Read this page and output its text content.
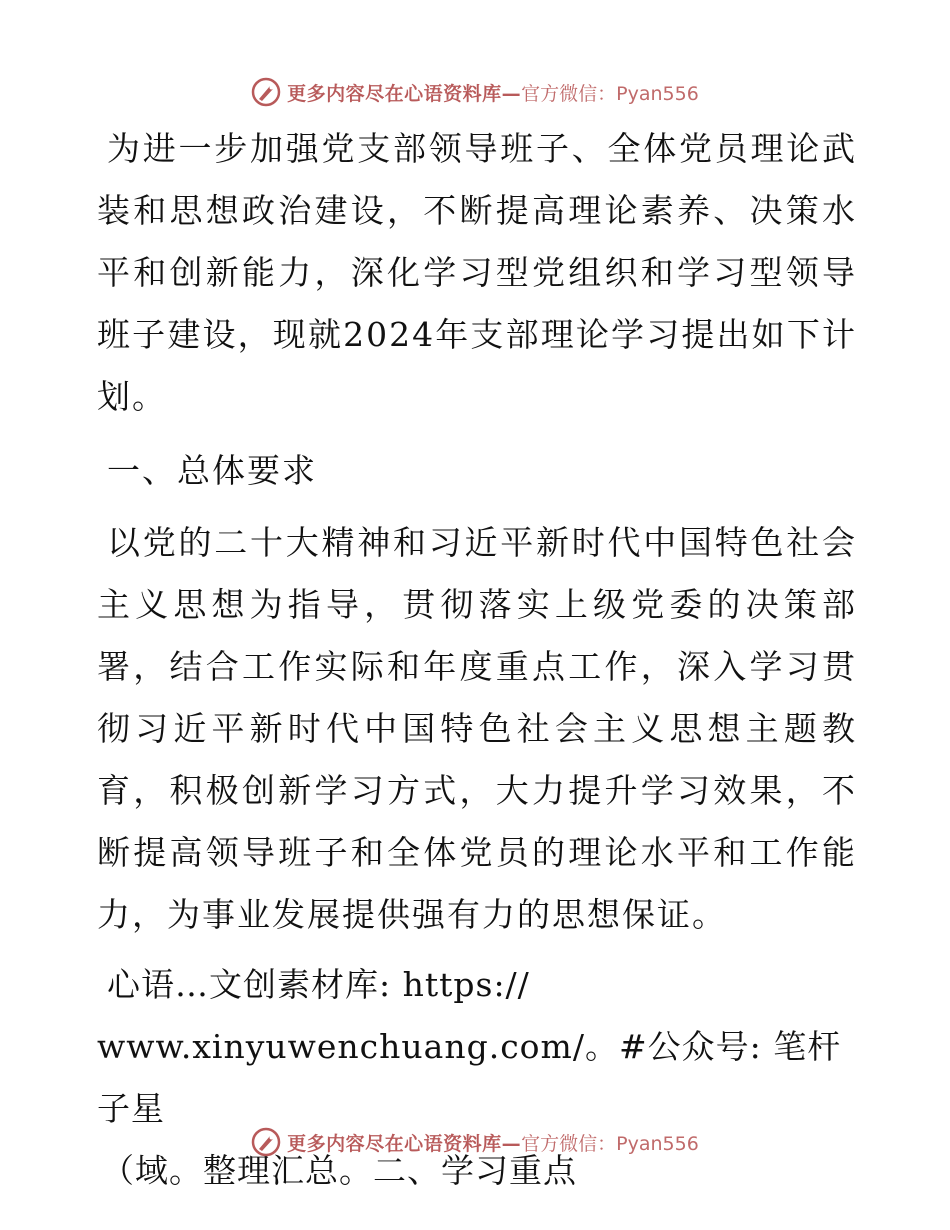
更多内容尽在心语资料库— 官方微信：Pyan556

为进一步加强党支部领导班子、全体党员理论武装和思想政治建设，不断提高理论素养、决策水平和创新能力，深化学习型党组织和学习型领导班子建设，现就2024年支部理论学习提出如下计划。

一、总体要求

以党的二十大精神和习近平新时代中国特色社会主义思想为指导，贯彻落实上级党委的决策部署，结合工作实际和年度重点工作，深入学习贯彻习近平新时代中国特色社会主义思想主题教育，积极创新学习方式，大力提升学习效果，不断提高领导班子和全体党员的理论水平和工作能力，为事业发展提供强有力的思想保证。

心语…文创素材库: https://
www.xinyuwenchuang.com/。#公众号: 笔杆子星
（域。整理汇总。二、学习重点

更多内容尽在心语资料库— 官方微信：Pyan556
